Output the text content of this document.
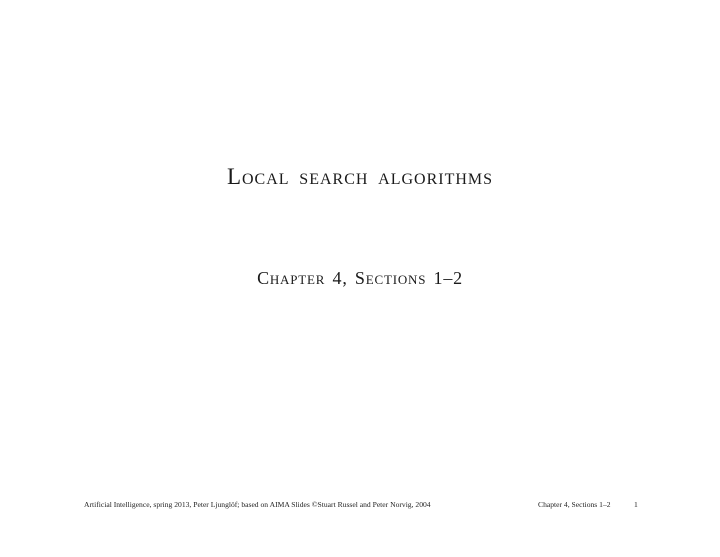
Local search algorithms
Chapter 4, Sections 1–2
Artificial Intelligence, spring 2013, Peter Ljunglöf; based on AIMA Slides ©Stuart Russel and Peter Norvig, 2004	Chapter 4, Sections 1–2	1
